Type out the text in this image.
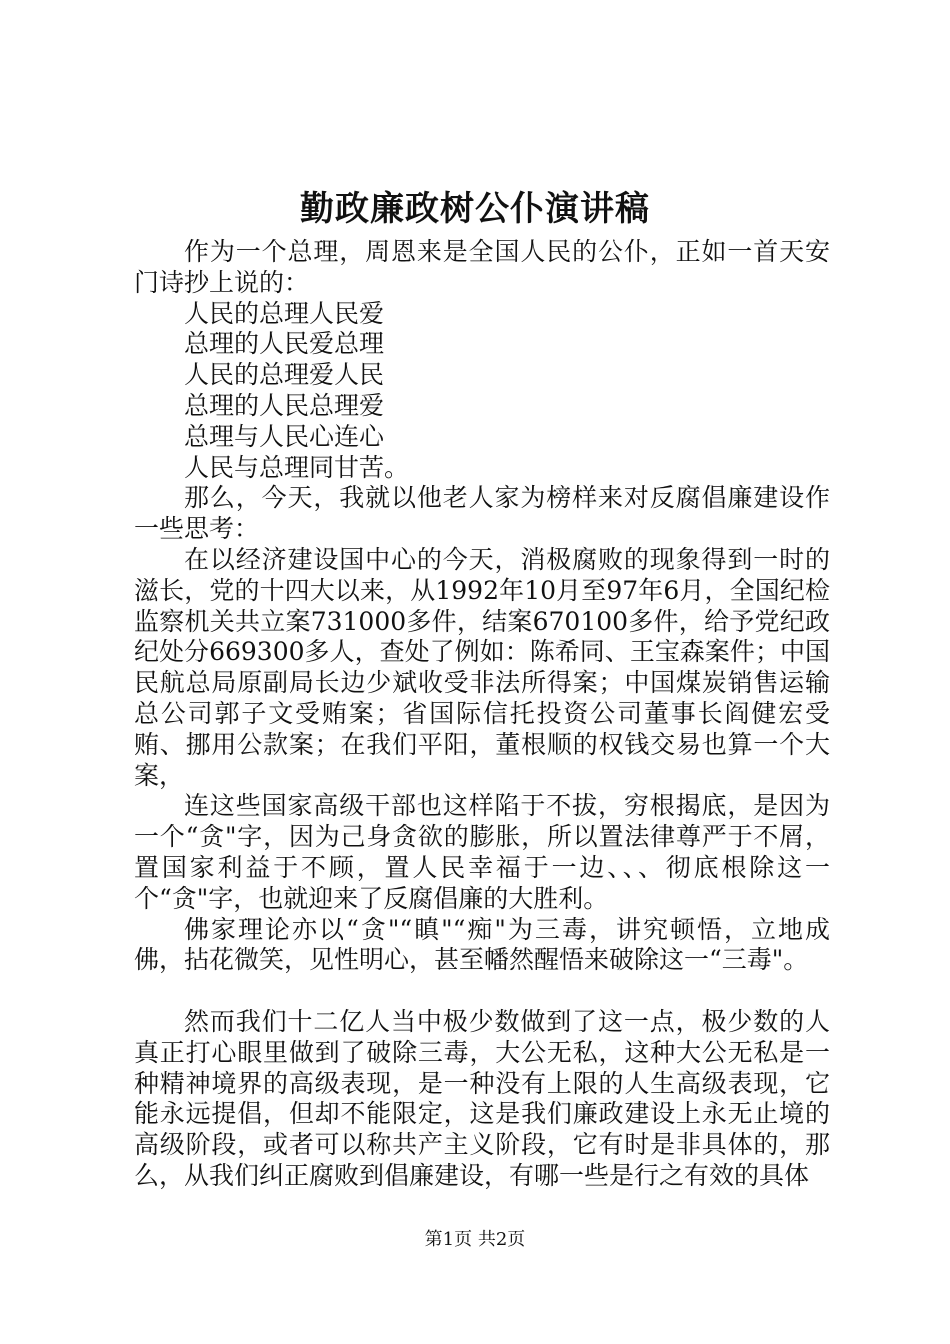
勤政廉政树公仆演讲稿

作为一个总理，周恩来是全国人民的公仆，正如一首天安门诗抄上说的：

人民的总理人民爱

总理的人民爱总理

人民的总理爱人民

总理的人民总理爱

总理与人民心连心

人民与总理同甘苦。

那么，今天，我就以他老人家为榜样来对反腐倡廉建设作一些思考：

在以经济建设国中心的今天，消极腐败的现象得到一时的滋长，党的十四大以来，从1992年10月至97年6月，全国纪检监察机关共立案731000多件，结案670100多件，给予党纪政纪处分669300多人，查处了例如：陈希同、王宝森案件；中国民航总局原副局长边少斌收受非法所得案；中国煤炭销售运输总公司郭子文受贿案；省国际信托投资公司董事长阎健宏受贿、挪用公款案；在我们平阳，董根顺的权钱交易也算一个大案，

连这些国家高级干部也这样陷于不拔，穷根揭底，是因为一个“贪"字，因为己身贪欲的膨胀，所以置法律尊严于不屑，置国家利益于不顾，置人民幸福于一边、、、彻底根除这一个“贪"字，也就迎来了反腐倡廉的大胜利。

佛家理论亦以“贪"“瞋"“痴"为三毒，讲究顿悟，立地成佛，拈花微笑，见性明心，甚至幡然醒悟来破除这一“三毒"。

然而我们十二亿人当中极少数做到了这一点，极少数的人真正打心眼里做到了破除三毒，大公无私，这种大公无私是一种精神境界的高级表现，是一种没有上限的人生高级表现，它能永远提倡，但却不能限定，这是我们廉政建设上永无止境的高级阶段，或者可以称共产主义阶段，它有时是非具体的，那么，从我们纠正腐败到倡廉建设，有哪一些是行之有效的具体

第1页 共2页
